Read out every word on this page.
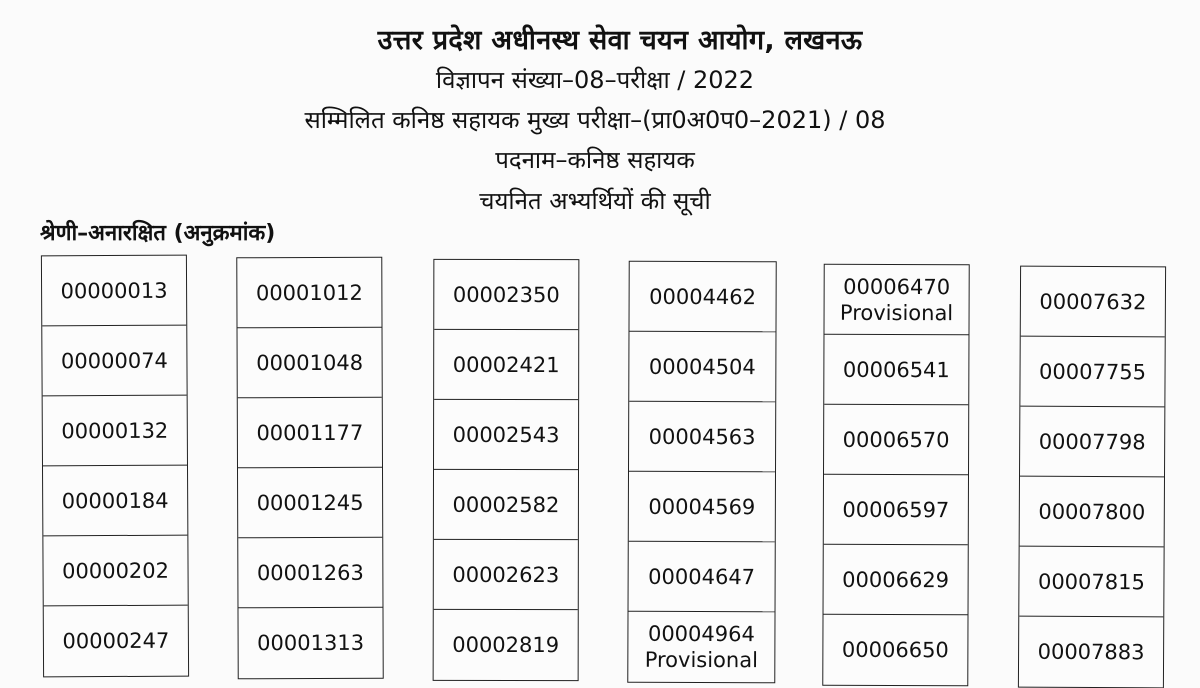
उत्तर प्रदेश अधीनस्थ सेवा चयन आयोग, लखनऊ
विज्ञापन संख्या–08–परीक्षा / 2022
सम्मिलित कनिष्ठ सहायक मुख्य परीक्षा–(प्रा0अ0प0–2021) / 08
पदनाम–कनिष्ठ सहायक
चयनित अभ्यर्थियों की सूची
श्रेणी–अनारक्षित (अनुक्रमांक)
00000013
00000074
00000132
00000184
00000202
00000247
00001012
00001048
00001177
00001245
00001263
00001313
00002350
00002421
00002543
00002582
00002623
00002819
00004462
00004504
00004563
00004569
00004647
00004964
Provisional
00006470
Provisional
00006541
00006570
00006597
00006629
00006650
00007632
00007755
00007798
00007800
00007815
00007883
